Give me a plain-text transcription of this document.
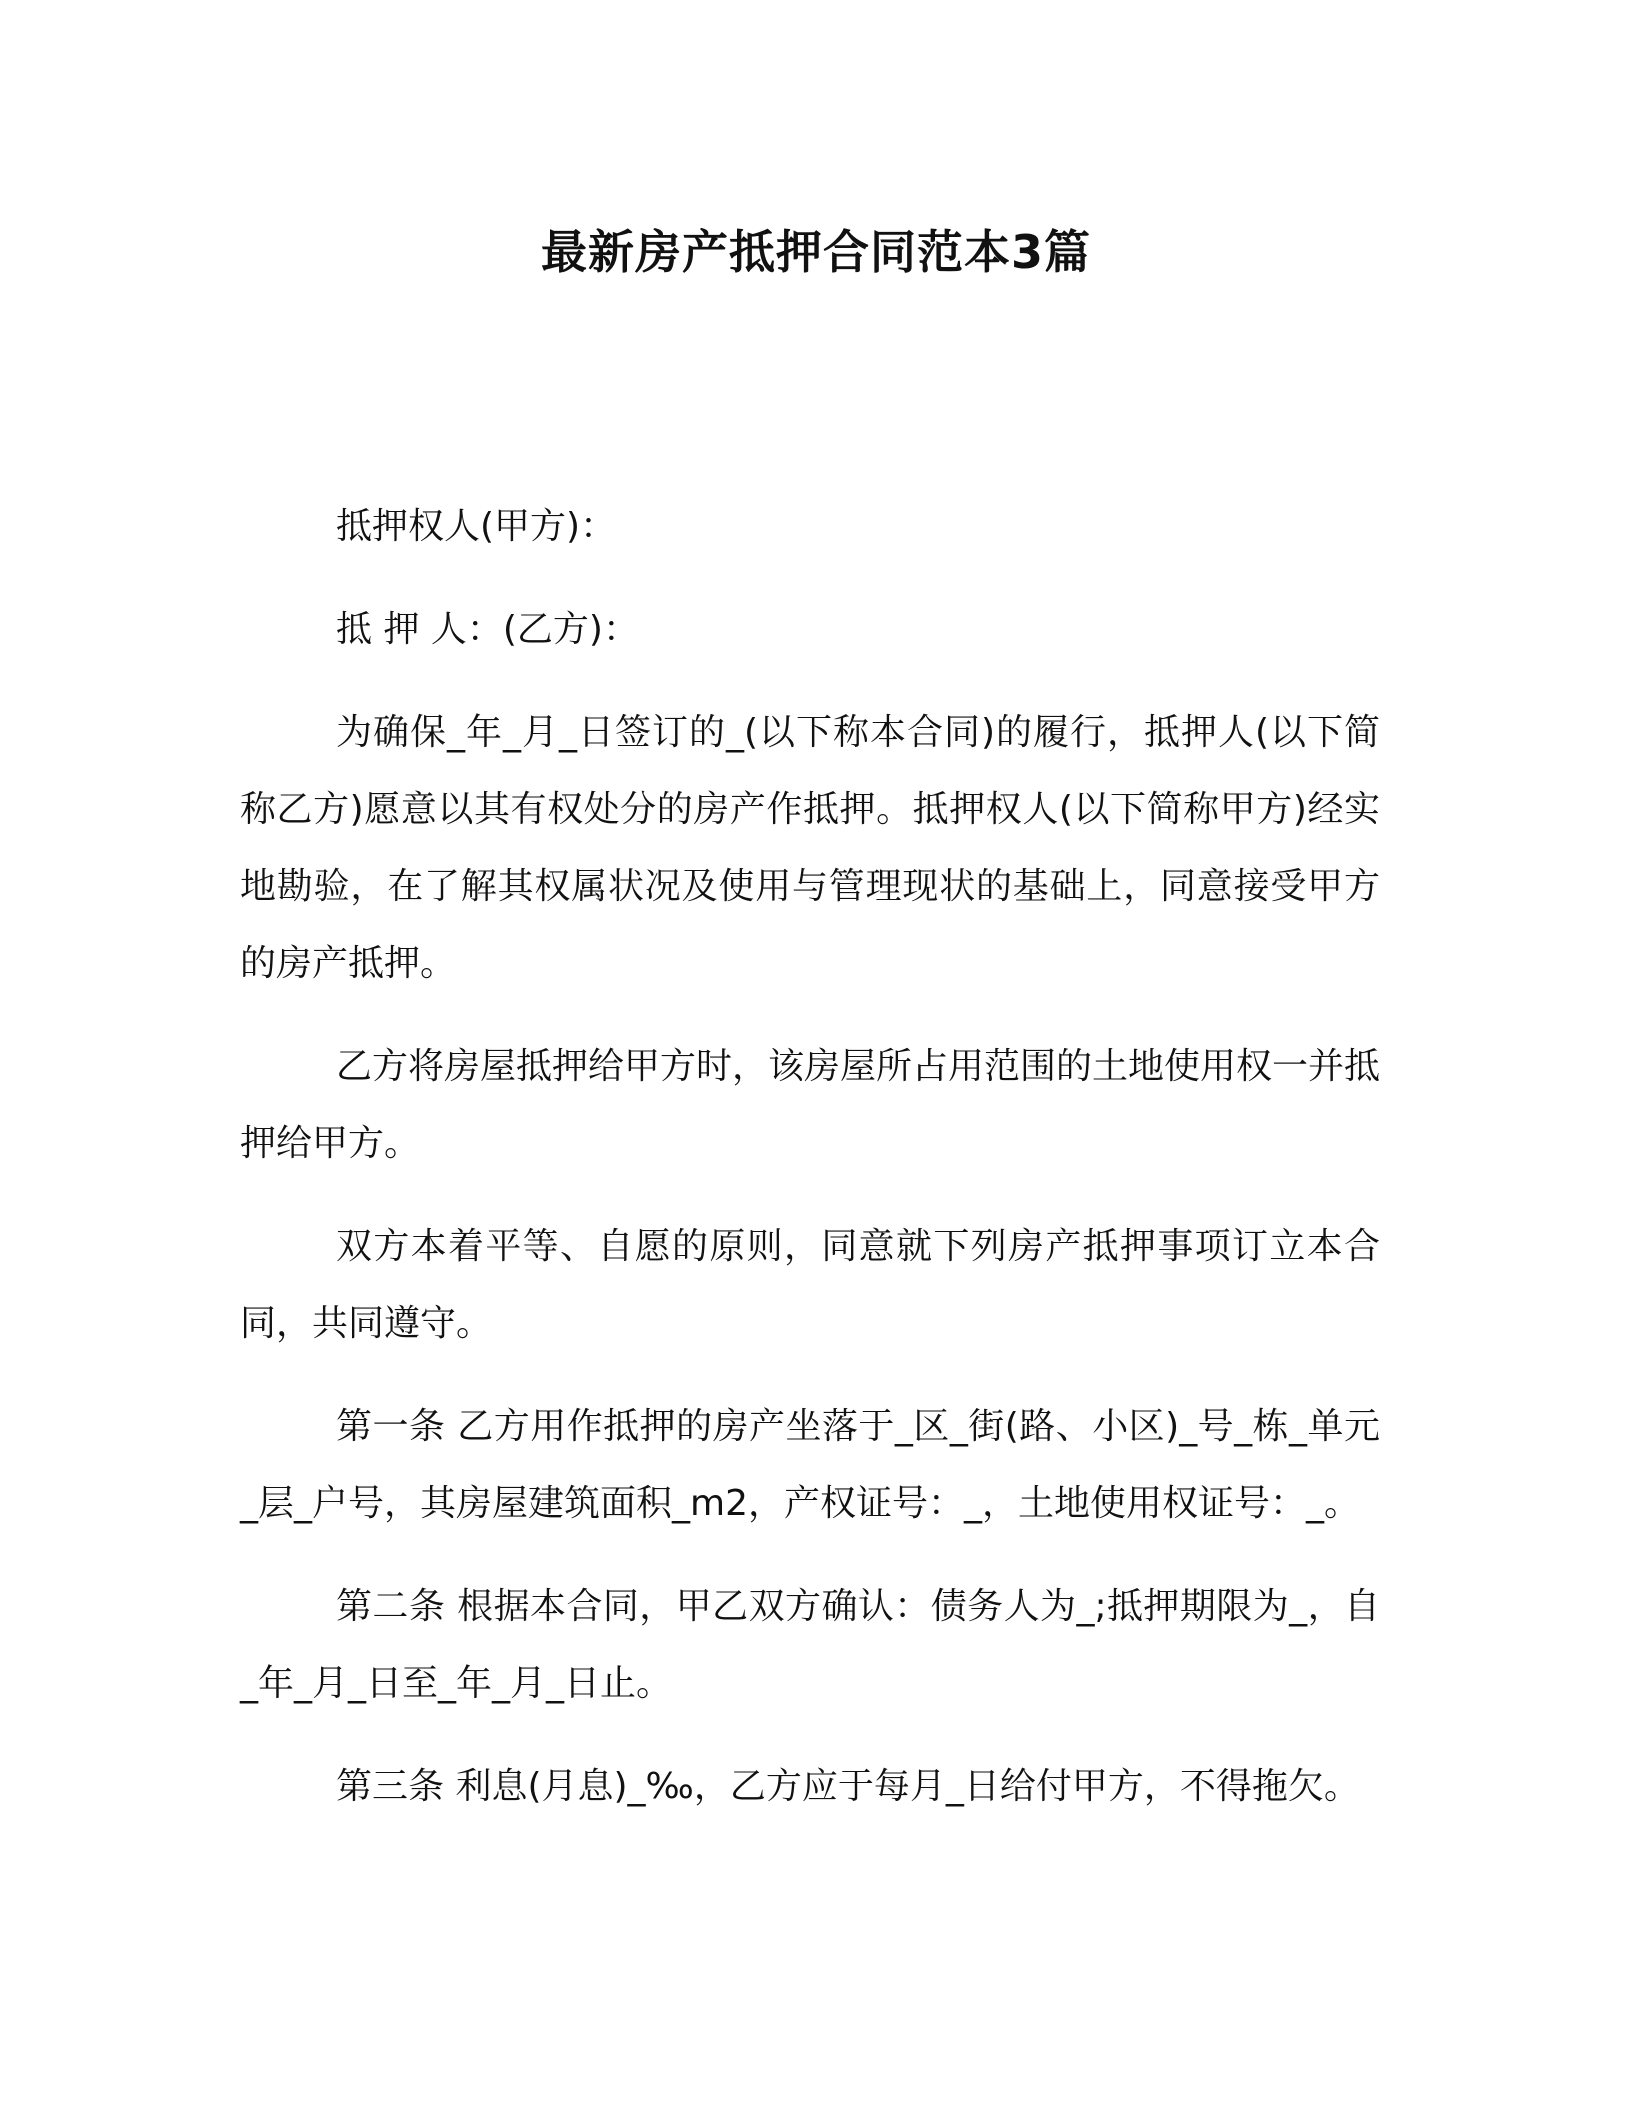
最新房产抵押合同范本3篇

抵押权人(甲方)：

抵 押 人：(乙方)：

为确保_年_月_日签订的_(以下称本合同)的履行，抵押人(以下简称乙方)愿意以其有权处分的房产作抵押。抵押权人(以下简称甲方)经实地勘验，在了解其权属状况及使用与管理现状的基础上，同意接受甲方的房产抵押。

乙方将房屋抵押给甲方时，该房屋所占用范围的土地使用权一并抵押给甲方。

双方本着平等、自愿的原则，同意就下列房产抵押事项订立本合同，共同遵守。

第一条 乙方用作抵押的房产坐落于_区_街(路、小区)_号_栋_单元_层_户号，其房屋建筑面积_m2，产权证号：_，土地使用权证号：_。

第二条 根据本合同，甲乙双方确认：债务人为_;抵押期限为_，自_年_月_日至_年_月_日止。

第三条 利息(月息)_‰，乙方应于每月_日给付甲方，不得拖欠。
